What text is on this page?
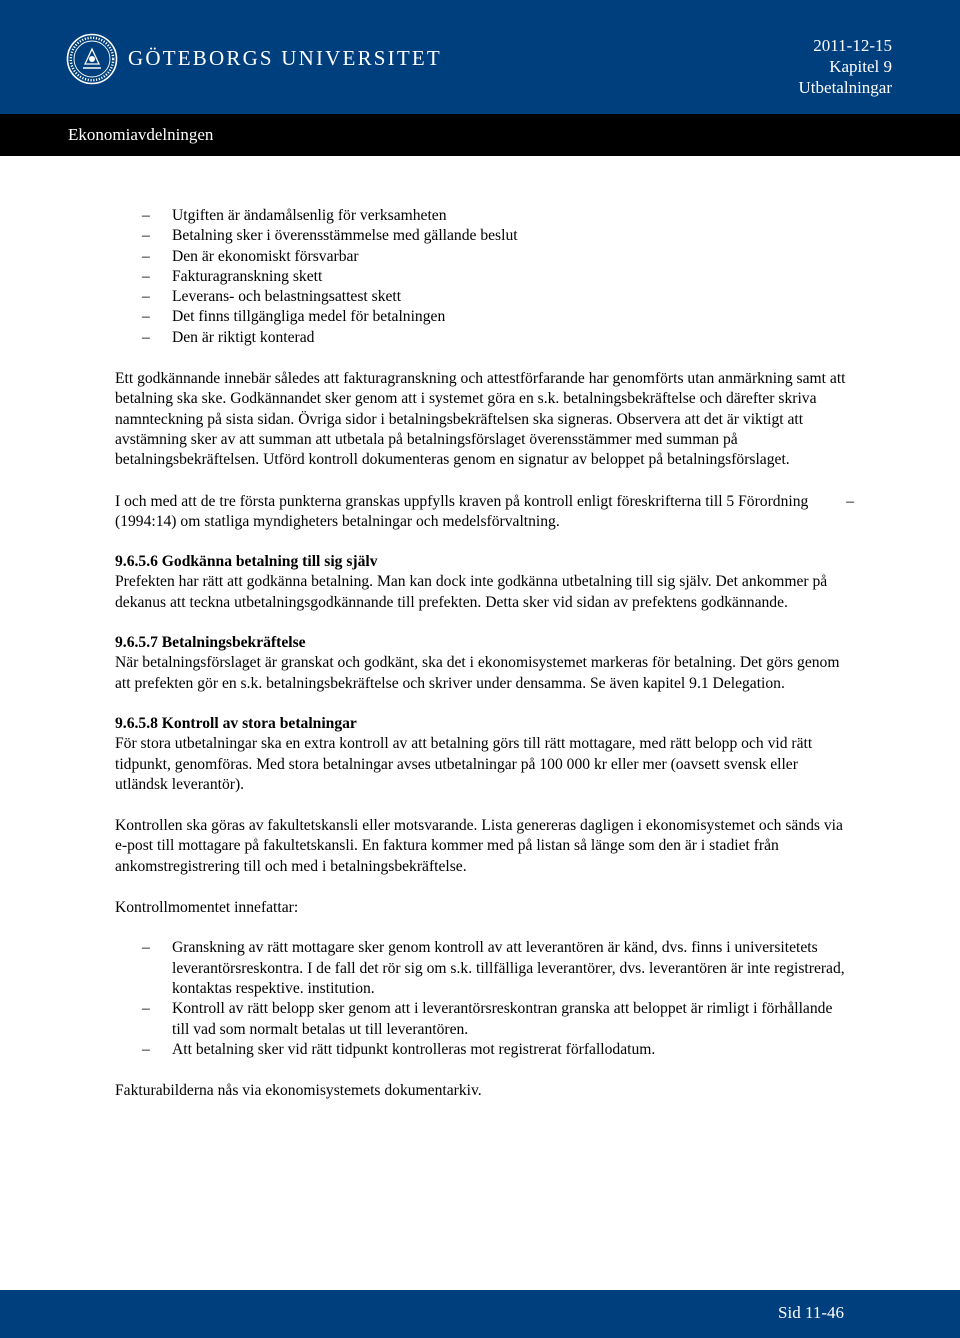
GÖTEBORGS UNIVERSITET
2011-12-15
Kapitel 9
Utbetalningar
Ekonomiavdelningen
– Utgiften är ändamålsenlig för verksamheten
– Betalning sker i överensstämmelse med gällande beslut
– Den är ekonomiskt försvarbar
– Fakturagranskning skett
– Leverans- och belastningsattest skett
– Det finns tillgängliga medel för betalningen
– Den är riktigt konterad

Ett godkännande innebär således att fakturagranskning och attestförfarande har genomförts utan anmärkning samt att betalning ska ske. Godkännandet sker genom att i systemet göra en s.k. betalningsbekräftelse och därefter skriva namnteckning på sista sidan. Övriga sidor i betalningsbekräftelsen ska signeras. Observera att det är viktigt att avstämning sker av att summan att utbetala på betalningsförslaget överensstämmer med summan på betalningsbekräftelsen. Utförd kontroll dokumenteras genom en signatur av beloppet på betalningsförslaget.

I och med att de tre första punkterna granskas uppfylls kraven på kontroll enligt föreskrifterna till 5 Förordning (1994:14) om statliga myndigheters betalningar och medelsförvaltning.

–
9.6.5.6 Godkänna betalning till sig själv

Prefekten har rätt att godkänna betalning. Man kan dock inte godkänna utbetalning till sig själv. Det ankommer på dekanus att teckna utbetalningsgodkännande till prefekten. Detta sker vid sidan av prefektens godkännande.

9.6.5.7 Betalningsbekräftelse

När betalningsförslaget är granskat och godkänt, ska det i ekonomisystemet markeras för betalning. Det görs genom att prefekten gör en s.k. betalningsbekräftelse och skriver under densamma. Se även kapitel 9.1 Delegation.

9.6.5.8 Kontroll av stora betalningar

För stora utbetalningar ska en extra kontroll av att betalning görs till rätt mottagare, med rätt belopp och vid rätt tidpunkt, genomföras. Med stora betalningar avses utbetalningar på 100 000 kr eller mer (oavsett svensk eller utländsk leverantör).

Kontrollen ska göras av fakultetskansli eller motsvarande. Lista genereras dagligen i ekonomisystemet och sänds via e-post till mottagare på fakultetskansli. En faktura kommer med på listan så länge som den är i stadiet från ankomstregistrering till och med i betalningsbekräftelse.

Kontrollmomentet innefattar:

– Granskning av rätt mottagare sker genom kontroll av att leverantören är känd, dvs. finns i universitetets leverantörsreskontra. I de fall det rör sig om s.k. tillfälliga leverantörer, dvs. leverantören är inte registrerad, kontaktas respektive. institution.
– Kontroll av rätt belopp sker genom att i leverantörsreskontran granska att beloppet är rimligt i förhållande till vad som normalt betalas ut till leverantören.
– Att betalning sker vid rätt tidpunkt kontrolleras mot registrerat förfallodatum.

Fakturabilderna nås via ekonomisystemets dokumentarkiv.

Sid 11-46
